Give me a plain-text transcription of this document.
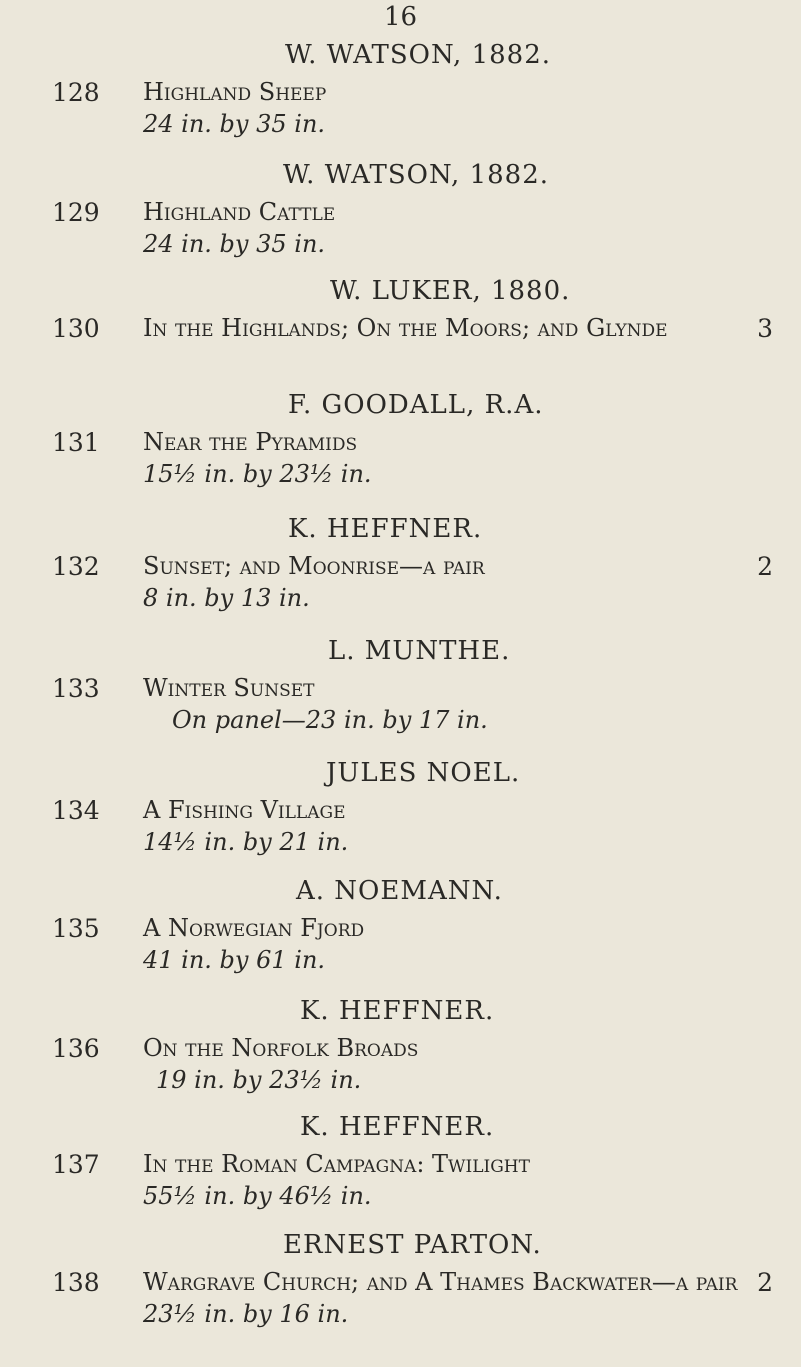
16
W. WATSON, 1882.
128 Highland Sheep
24 in. by 35 in.
W. WATSON, 1882.
129 Highland Cattle
24 in. by 35 in.
W. LUKER, 1880.
130 In the Highlands; On the Moors; and Glynde	3
F. GOODALL, R.A.
131 Near the Pyramids
15½ in. by 23½ in.
K. HEFFNER.
132 Sunset; and Moonrise—a pair
8 in. by 13 in.
2
L. MUNTHE.
133 Winter Sunset
On panel—23 in. by 17 in.
JULES NOEL.
134 A Fishing Village
14½ in. by 21 in.
A. NOEMANN.
135 A Norwegian Fjord
41 in. by 61 in.
K. HEFFNER.
136 On the Norfolk Broads
19 in. by 23½ in.
K. HEFFNER.
137 In the Roman Campagna: Twilight
55½ in. by 46½ in.
ERNEST PARTON.
138 Wargrave Church; and A Thames Backwater—a pair
23½ in. by 16 in.
2
